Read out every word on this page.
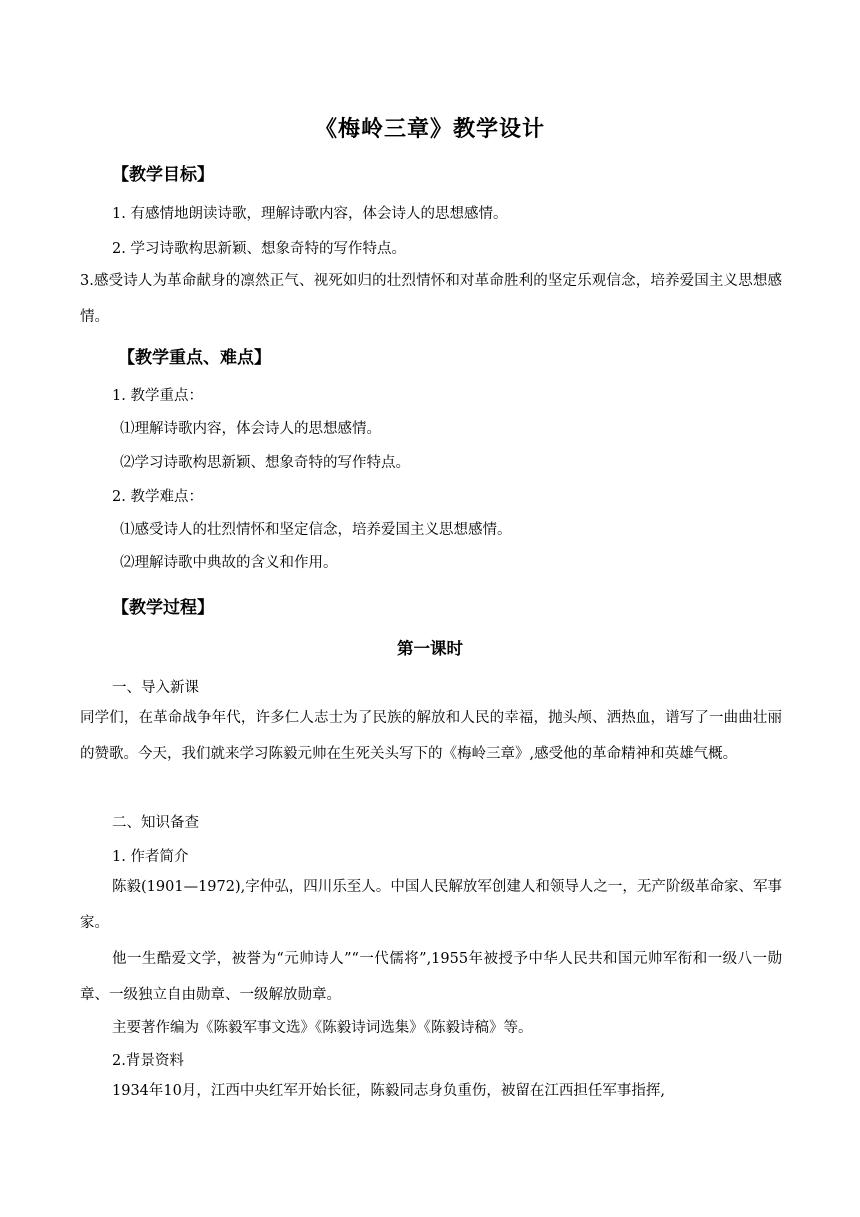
《梅岭三章》教学设计
【教学目标】
1. 有感情地朗读诗歌，理解诗歌内容，体会诗人的思想感情。
2. 学习诗歌构思新颖、想象奇特的写作特点。
3.感受诗人为革命献身的凛然正气、视死如归的壮烈情怀和对革命胜利的坚定乐观信念，培养爱国主义思想感情。
【教学重点、难点】
1. 教学重点：
⑴理解诗歌内容，体会诗人的思想感情。
⑵学习诗歌构思新颖、想象奇特的写作特点。
2. 教学难点：
⑴感受诗人的壮烈情怀和坚定信念，培养爱国主义思想感情。
⑵理解诗歌中典故的含义和作用。
【教学过程】
第一课时
一、导入新课
同学们，在革命战争年代，许多仁人志士为了民族的解放和人民的幸福，抛头颅、洒热血，谱写了一曲曲壮丽的赞歌。今天，我们就来学习陈毅元帅在生死关头写下的《梅岭三章》,感受他的革命精神和英雄气概。
二、知识备查
1. 作者简介
陈毅(1901—1972),字仲弘，四川乐至人。中国人民解放军创建人和领导人之一，无产阶级革命家、军事家。
他一生酷爱文学，被誉为“元帅诗人”“一代儒将”,1955年被授予中华人民共和国元帅军衔和一级八一勋章、一级独立自由勋章、一级解放勋章。
主要著作编为《陈毅军事文选》《陈毅诗词选集》《陈毅诗稿》等。
2.背景资料
1934年10月，江西中央红军开始长征，陈毅同志身负重伤，被留在江西担任军事指挥,
